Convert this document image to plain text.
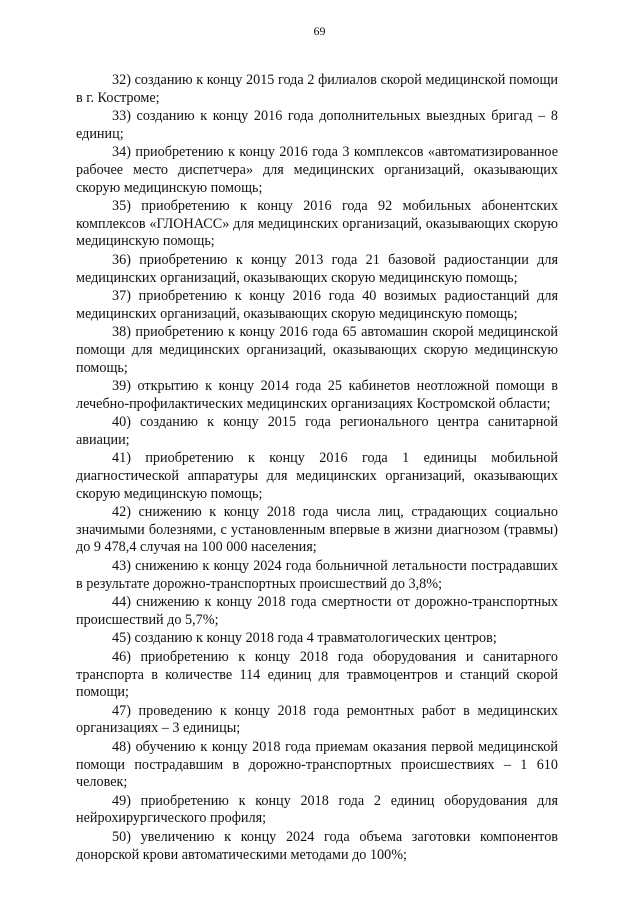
69

32) созданию к концу 2015 года 2 филиалов скорой медицинской помощи в г. Костроме;

33) созданию к концу 2016 года дополнительных выездных бригад – 8 единиц;

34) приобретению к концу 2016 года 3 комплексов «автоматизированное рабочее место диспетчера» для медицинских организаций, оказывающих скорую медицинскую помощь;

35) приобретению к концу 2016 года 92 мобильных абонентских комплексов «ГЛОНАСС» для медицинских организаций, оказывающих скорую медицинскую помощь;

36) приобретению к концу 2013 года 21 базовой радиостанции для медицинских организаций, оказывающих скорую медицинскую помощь;

37) приобретению к концу 2016 года 40 возимых радиостанций для медицинских организаций, оказывающих скорую медицинскую помощь;

38) приобретению к концу 2016 года 65 автомашин скорой медицинской помощи для медицинских организаций, оказывающих скорую медицинскую помощь;

39) открытию к концу 2014 года 25 кабинетов неотложной помощи в лечебно-профилактических медицинских организациях Костромской области;

40) созданию к концу 2015 года регионального центра санитарной авиации;

41) приобретению к концу 2016 года 1 единицы мобильной диагностической аппаратуры для медицинских организаций, оказывающих скорую медицинскую помощь;

42) снижению к концу 2018 года числа лиц, страдающих социально значимыми болезнями, с установленным впервые в жизни диагнозом (травмы) до 9 478,4 случая на 100 000 населения;

43) снижению к концу 2024 года больничной летальности пострадавших в результате дорожно-транспортных происшествий до 3,8%;

44) снижению к концу 2018 года смертности от дорожно-транспортных происшествий до 5,7%;

45) созданию к концу 2018 года 4 травматологических центров;

46) приобретению к концу 2018 года оборудования и санитарного транспорта в количестве 114 единиц для травмоцентров и станций скорой помощи;

47) проведению к концу 2018 года ремонтных работ в медицинских организациях – 3 единицы;

48) обучению к концу 2018 года приемам оказания первой медицинской помощи пострадавшим в дорожно-транспортных происшествиях – 1 610 человек;

49) приобретению к концу 2018 года 2 единиц оборудования для нейрохирургического профиля;

50) увеличению к концу 2024 года объема заготовки компонентов донорской крови автоматическими методами до 100%;
